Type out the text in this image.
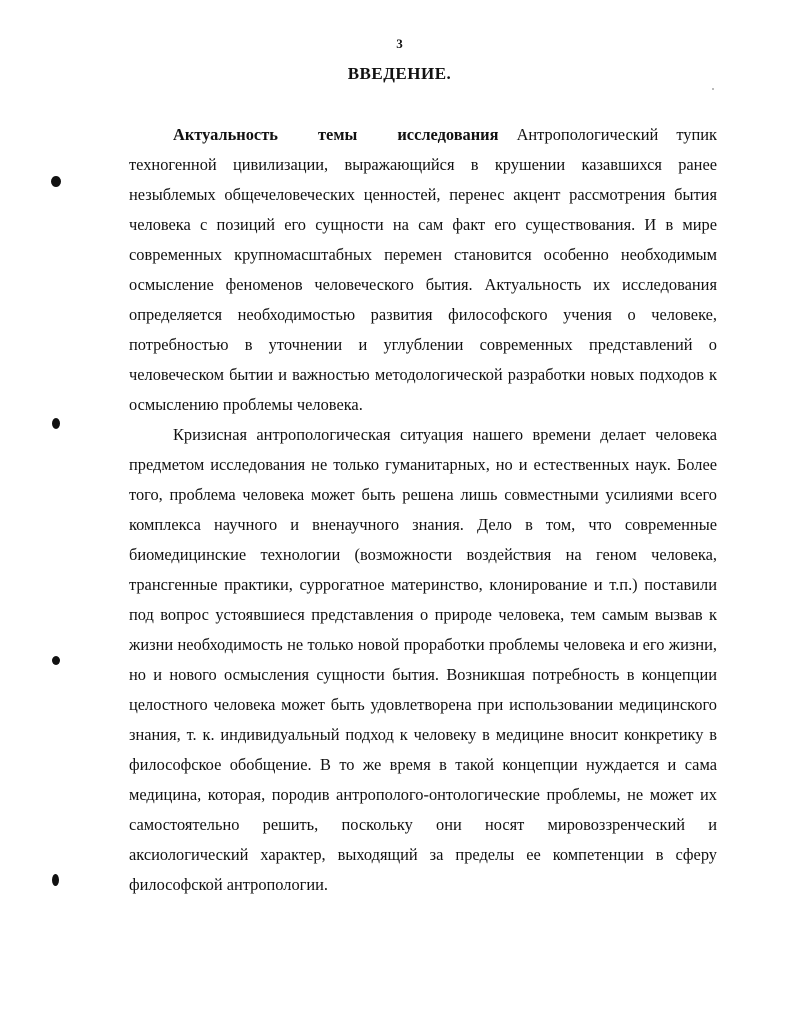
3
ВВЕДЕНИЕ.

Актуальность темы исследования Антропологический тупик техногенной цивилизации, выражающийся в крушении казавшихся ранее незыблемых общечеловеческих ценностей, перенес акцент рассмотрения бытия человека с позиций его сущности на сам факт его существования. И в мире современных крупномасштабных перемен становится особенно необходимым осмысление феноменов человеческого бытия. Актуальность их исследования определяется необходимостью развития философского учения о человеке, потребностью в уточнении и углублении современных представлений о человеческом бытии и важностью методологической разработки новых подходов к осмыслению проблемы человека.

Кризисная антропологическая ситуация нашего времени делает человека предметом исследования не только гуманитарных, но и естественных наук. Более того, проблема человека может быть решена лишь совместными усилиями всего комплекса научного и вненаучного знания. Дело в том, что современные биомедицинские технологии (возможности воздействия на геном человека, трансгенные практики, суррогатное материнство, клонирование и т.п.) поставили под вопрос устоявшиеся представления о природе человека, тем самым вызвав к жизни необходимость не только новой проработки проблемы человека и его жизни, но и нового осмысления сущности бытия. Возникшая потребность в концепции целостного человека может быть удовлетворена при использовании медицинского знания, т. к. индивидуальный подход к человеку в медицине вносит конкретику в философское обобщение. В то же время в такой концепции нуждается и сама медицина, которая, породив антрополого-онтологические проблемы, не может их самостоятельно решить, поскольку они носят мировоззренческий и аксиологический характер, выходящий за пределы ее компетенции в сферу философской антропологии.
